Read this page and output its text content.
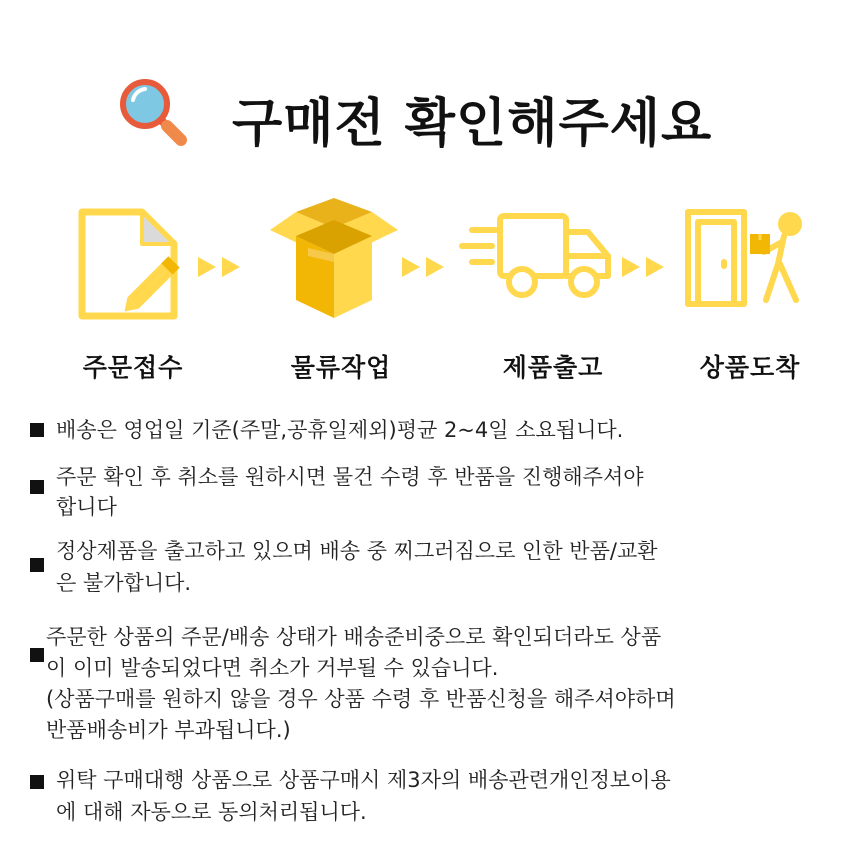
구매전 확인해주세요
주문접수	물류작업	제품출고	상품도착
배송은 영업일 기준(주말,공휴일제외)평균 2~4일 소요됩니다.
주문 확인 후 취소를 원하시면 물건 수령 후 반품을 진행해주셔야
합니다
정상제품을 출고하고 있으며 배송 중 찌그러짐으로 인한 반품/교환
은 불가합니다.
주문한 상품의 주문/배송 상태가 배송준비중으로 확인되더라도 상품
이 이미 발송되었다면 취소가 거부될 수 있습니다.
(상품구매를 원하지 않을 경우 상품 수령 후 반품신청을 해주셔야하며
반품배송비가 부과됩니다.)
위탁 구매대행 상품으로 상품구매시 제3자의 배송관련개인정보이용
에 대해 자동으로 동의처리됩니다.
